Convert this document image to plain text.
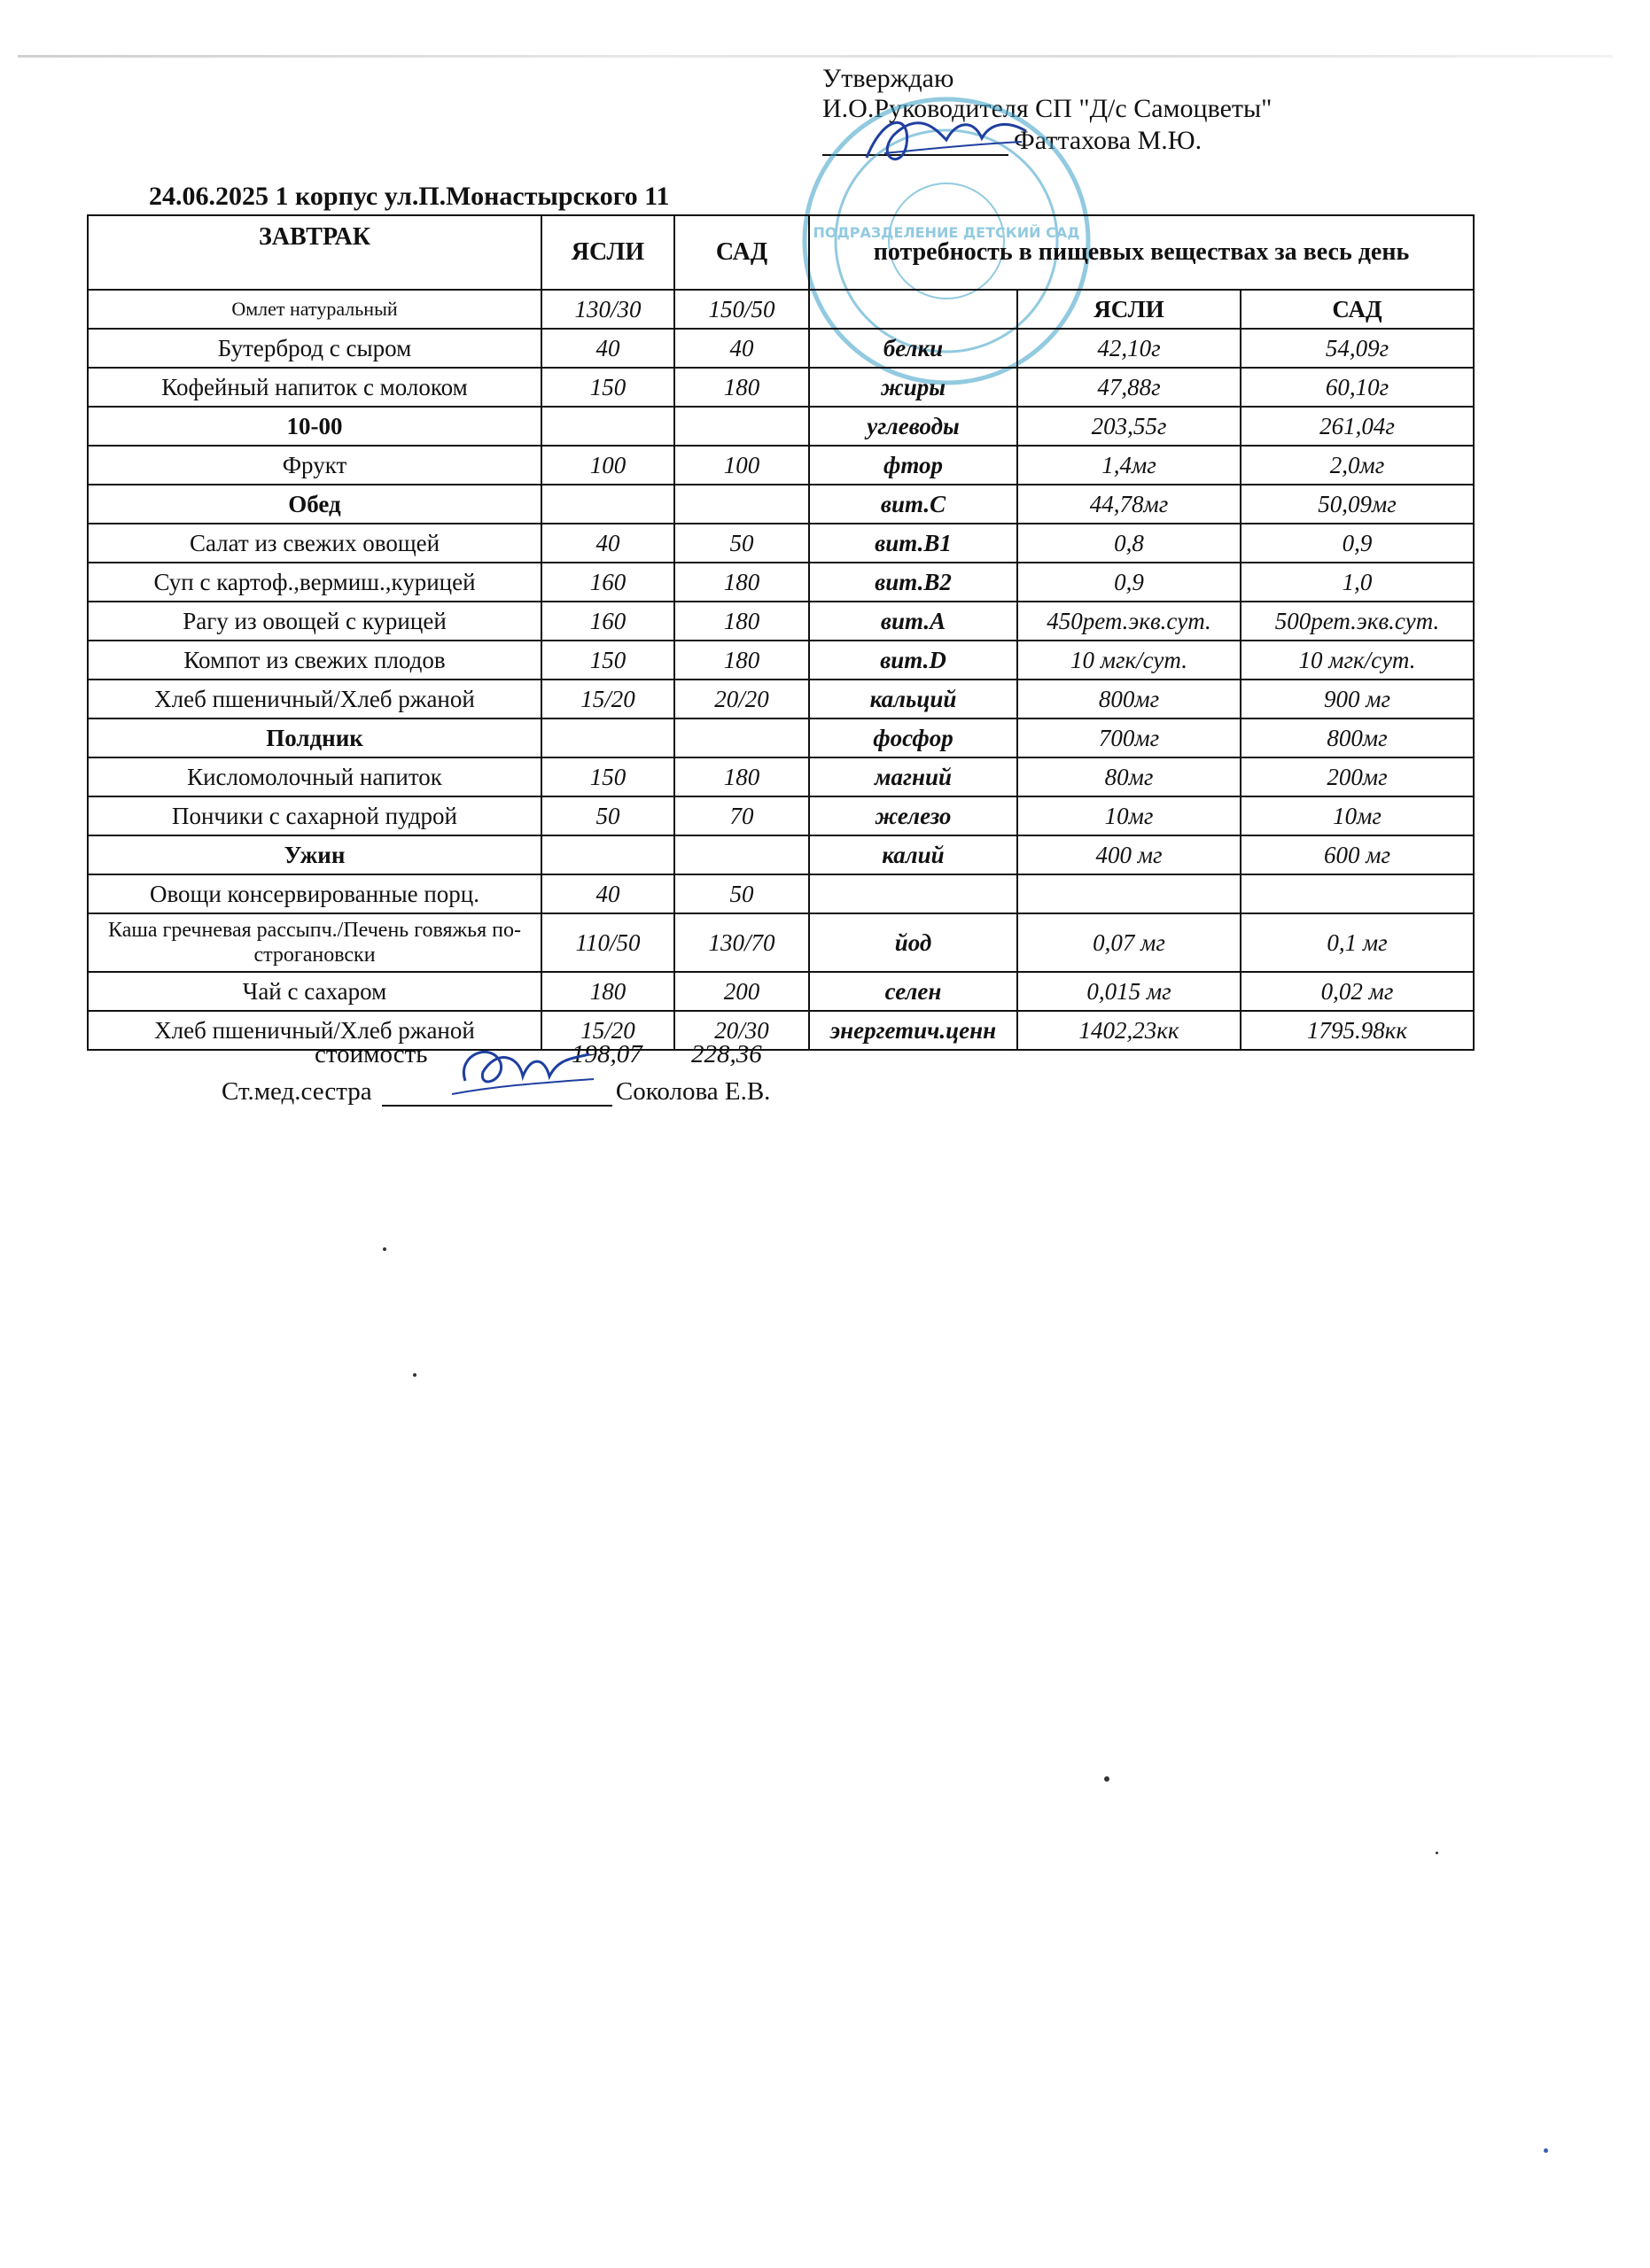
Утверждаю
И.О.Руководителя СП "Д/с Самоцветы"
Фаттахова М.Ю.
ПОДРАЗДЕЛЕНИЕ ДЕТСКИЙ САД
24.06.2025 1 корпус ул.П.Монастырского 11
ЗАВТРАК	ЯСЛИ	САД	потребность в пищевых веществах за весь день		
Омлет натуральный	130/30	150/50		ЯСЛИ	САД
Бутерброд с сыром	40	40	белки	42,10г	54,09г
Кофейный напиток с молоком	150	180	жиры	47,88г	60,10г
10-00			углеводы	203,55г	261,04г
Фрукт	100	100	фтор	1,4мг	2,0мг
Обед			вит.С	44,78мг	50,09мг
Салат из свежих овощей	40	50	вит.В1	0,8	0,9
Суп с картоф.,вермиш.,курицей	160	180	вит.В2	0,9	1,0
Рагу из овощей с курицей	160	180	вит.А	450рет.экв.сут.	500рет.экв.сут.
Компот из свежих плодов	150	180	вит.D	10 мгк/сут.	10 мгк/сут.
Хлеб пшеничный/Хлеб ржаной	15/20	20/20	кальций	800мг	900 мг
Полдник			фосфор	700мг	800мг
Кисломолочный напиток	150	180	магний	80мг	200мг
Пончики с сахарной пудрой	50	70	железо	10мг	10мг
Ужин			калий	400 мг	600 мг
Овощи консервированные порц.	40	50			
Каша гречневая рассыпч./Печень говяжья по-строгановски	110/50	130/70	йод	0,07 мг	0,1 мг
Чай с сахаром	180	200	селен	0,015 мг	0,02 мг
Хлеб пшеничный/Хлеб ржаной	15/20	20/30	энергетич.ценн	1402,23кк	1795.98кк
стоимость	198,07 228,36
Ст.мед.сестра	Соколова Е.В.
